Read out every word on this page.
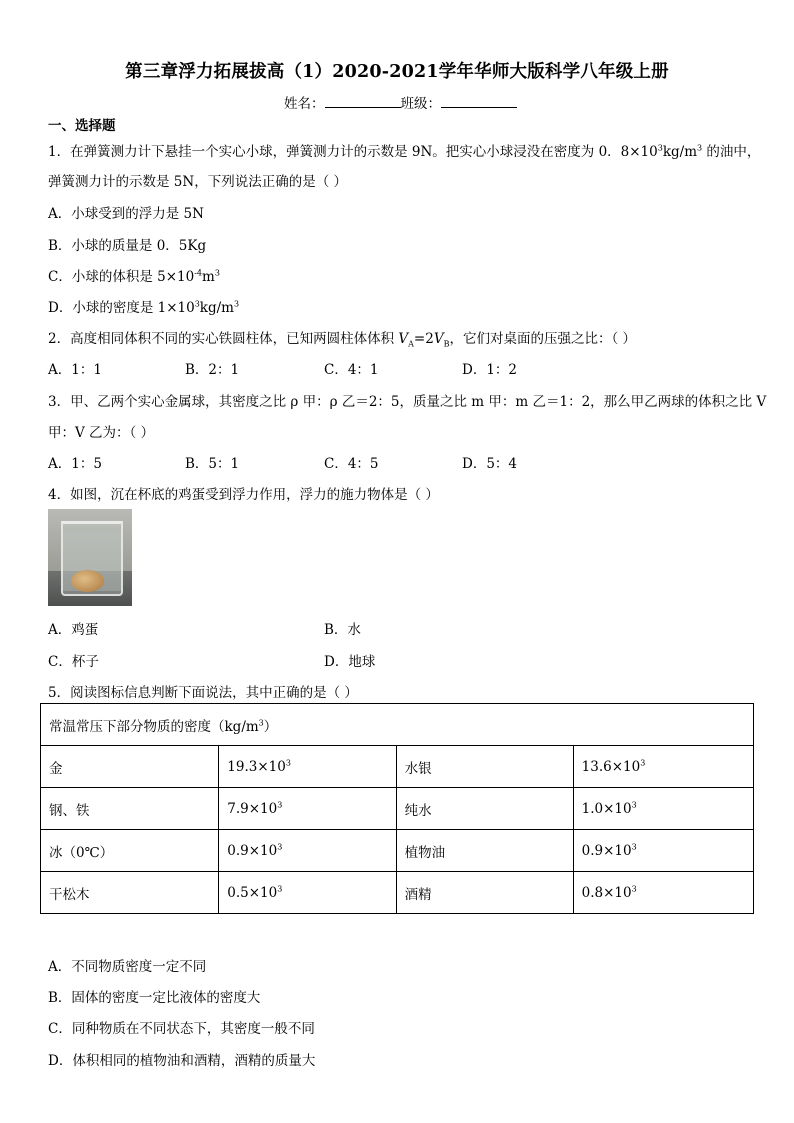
第三章浮力拓展拔高（1）2020-2021学年华师大版科学八年级上册
姓名：	班级：
一、选择题
1．在弹簧测力计下悬挂一个实心小球，弹簧测力计的示数是 9N。把实心小球浸没在密度为 0．$8\times 10^3kg/m^3$ 的油中，
弹簧测力计的示数是 5N，下列说法正确的是（ ）
A．小球受到的浮力是 5N
B．小球的质量是 0．5Kg
C．小球的体积是 $5\times 10^{-4}m^3$
D．小球的密度是 $1\times 10^3kg/m^3$
2．高度相同体积不同的实心铁圆柱体，已知两圆柱体体积 $V_A=2V_B$，它们对桌面的压强之比：（ ）
A．1：1	B．2：1	C．4：1	D．1：2
3．甲、乙两个实心金属球，其密度之比 ρ 甲：ρ 乙＝2：5，质量之比 m 甲：m 乙＝1：2，那么甲乙两球的体积之比 V
甲：V 乙为：（ ）
A．1：5	B．5：1	C．4：5	D．5：4
4．如图，沉在杯底的鸡蛋受到浮力作用，浮力的施力物体是（ ）
A．鸡蛋	B．水
C．杯子	D．地球
5．阅读图标信息判断下面说法，其中正确的是（ ）
常温常压下部分物质的密度$(kg/m^3)$			
金	$19.3\times 10^3$	水银	$13.6\times 10^3$
钢、铁	$7.9\times 10^3$	纯水	$1.0\times 10^3$
冰（0℃）	$0.9\times 10^3$	植物油	$0.9\times 10^3$
干松木	$0.5\times 10^3$	酒精	$0.8\times 10^3$
A．不同物质密度一定不同
B．固体的密度一定比液体的密度大
C．同种物质在不同状态下，其密度一般不同
D．体积相同的植物油和酒精，酒精的质量大
